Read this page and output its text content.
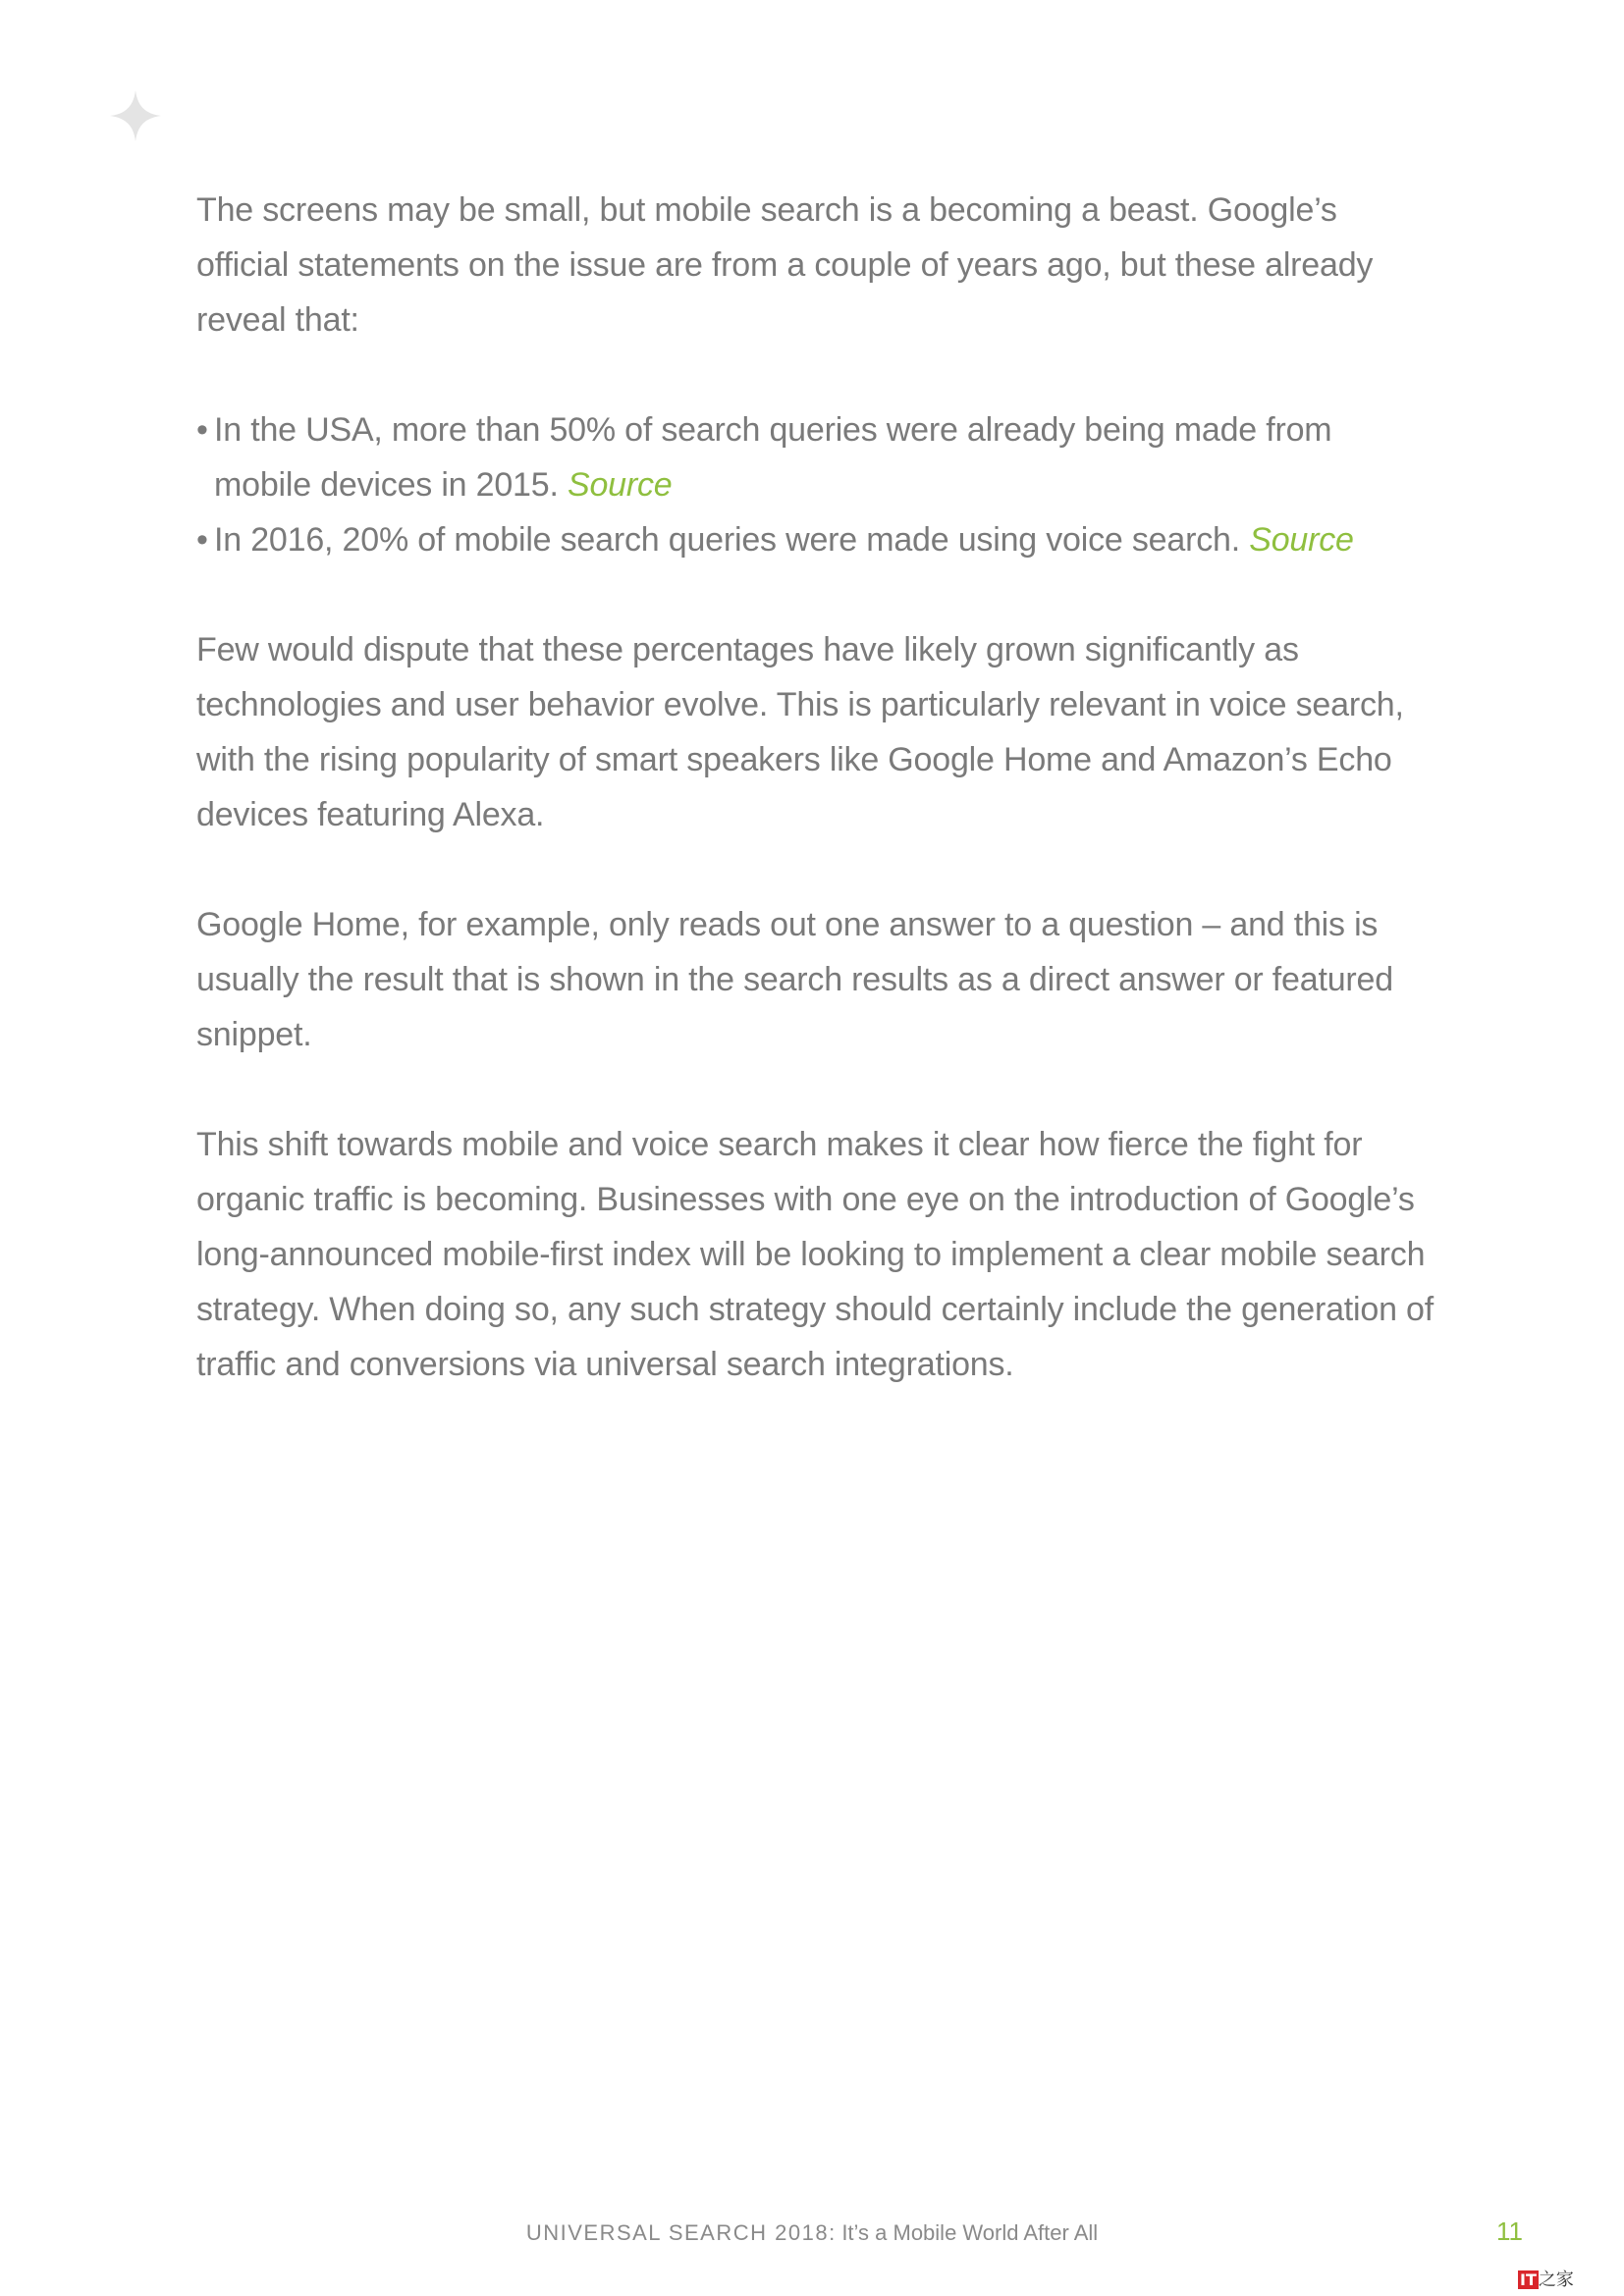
The screens may be small, but mobile search is a becoming a beast. Google’s official statements on the issue are from a couple of years ago, but these already reveal that:

• In the USA, more than 50% of search queries were already being made from mobile devices in 2015. Source
• In 2016, 20% of mobile search queries were made using voice search. Source

Few would dispute that these percentages have likely grown significantly as technologies and user behavior evolve. This is particularly relevant in voice search, with the rising popularity of smart speakers like Google Home and Amazon’s Echo devices featuring Alexa.

Google Home, for example, only reads out one answer to a question – and this is usually the result that is shown in the search results as a direct answer or featured snippet.

This shift towards mobile and voice search makes it clear how fierce the fight for organic traffic is becoming. Businesses with one eye on the introduction of Google’s long-announced mobile-first index will be looking to implement a clear mobile search strategy. When doing so, any such strategy should certainly include the generation of traffic and conversions via universal search integrations.

UNIVERSAL SEARCH 2018: It’s a Mobile World After All	11
IT 之家
